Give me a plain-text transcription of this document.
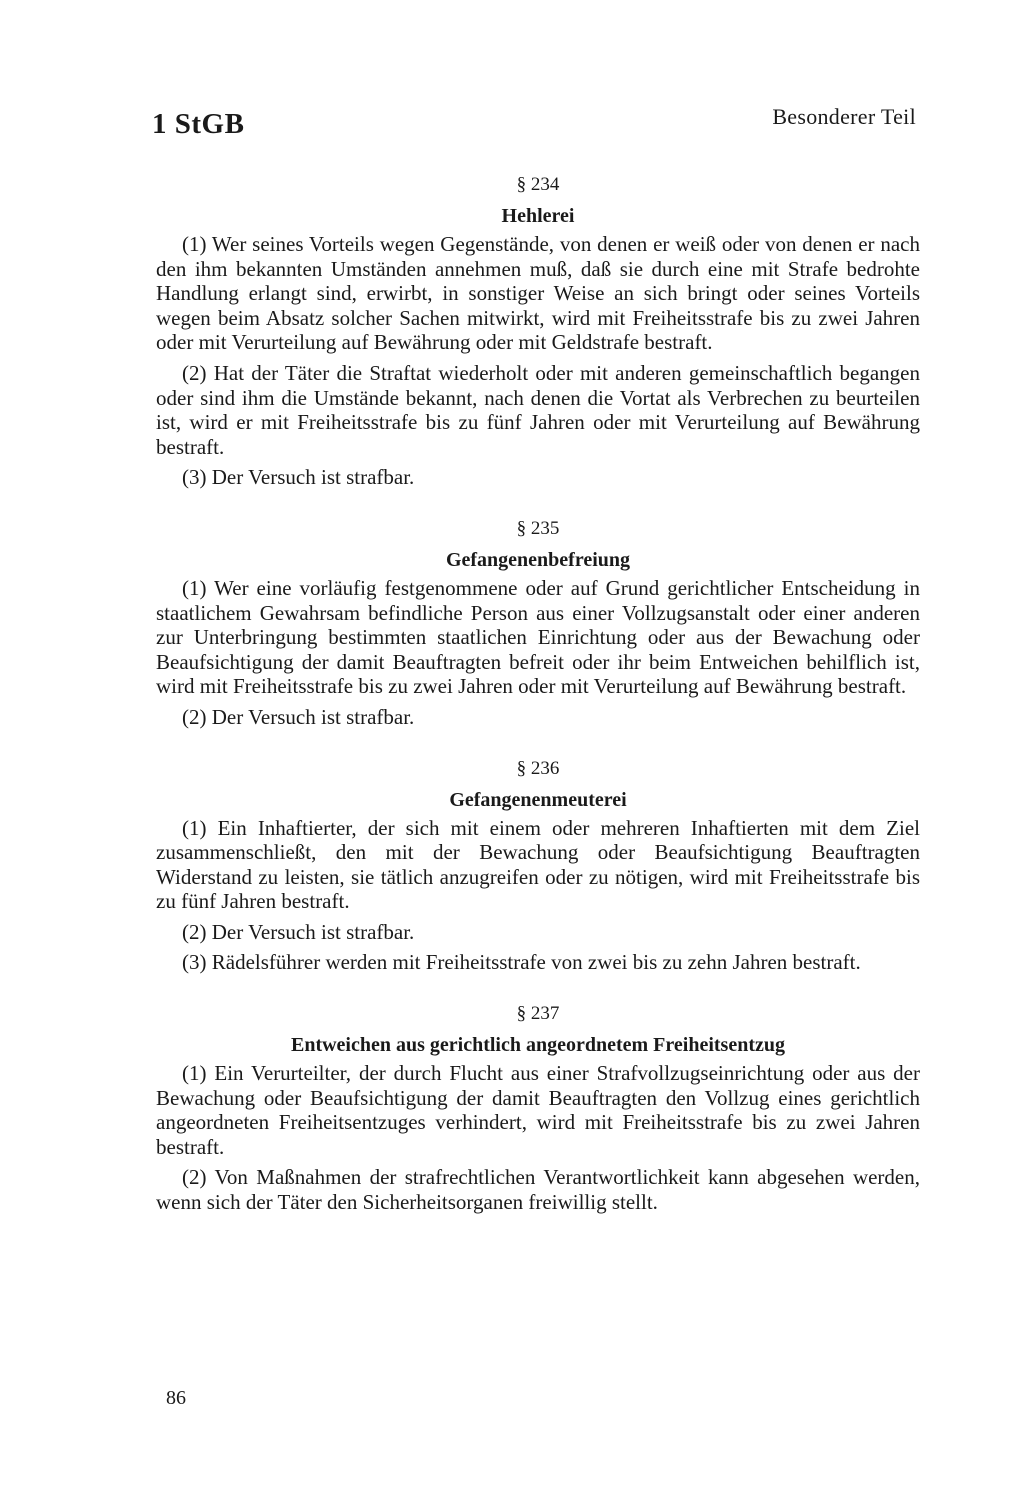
1 StGB	Besonderer Teil

§ 234

Hehlerei

(1) Wer seines Vorteils wegen Gegenstände, von denen er weiß oder von denen er nach den ihm bekannten Umständen annehmen muß, daß sie durch eine mit Strafe bedrohte Handlung erlangt sind, erwirbt, in sonstiger Weise an sich bringt oder seines Vorteils wegen beim Absatz solcher Sachen mitwirkt, wird mit Freiheitsstrafe bis zu zwei Jahren oder mit Verurteilung auf Bewährung oder mit Geldstrafe bestraft.

(2) Hat der Täter die Straftat wiederholt oder mit anderen gemeinschaftlich begangen oder sind ihm die Umstände bekannt, nach denen die Vortat als Verbrechen zu beurteilen ist, wird er mit Freiheitsstrafe bis zu fünf Jahren oder mit Verurteilung auf Bewährung bestraft.

(3) Der Versuch ist strafbar.

§ 235

Gefangenenbefreiung

(1) Wer eine vorläufig festgenommene oder auf Grund gerichtlicher Entscheidung in staatlichem Gewahrsam befindliche Person aus einer Vollzugsanstalt oder einer anderen zur Unterbringung bestimmten staatlichen Einrichtung oder aus der Bewachung oder Beaufsichtigung der damit Beauftragten befreit oder ihr beim Entweichen behilflich ist, wird mit Freiheitsstrafe bis zu zwei Jahren oder mit Verurteilung auf Bewährung bestraft.

(2) Der Versuch ist strafbar.

§ 236

Gefangenenmeuterei

(1) Ein Inhaftierter, der sich mit einem oder mehreren Inhaftierten mit dem Ziel zusammenschließt, den mit der Bewachung oder Beaufsichtigung Beauftragten Widerstand zu leisten, sie tätlich anzugreifen oder zu nötigen, wird mit Freiheitsstrafe bis zu fünf Jahren bestraft.

(2) Der Versuch ist strafbar.

(3) Rädelsführer werden mit Freiheitsstrafe von zwei bis zu zehn Jahren bestraft.

§ 237

Entweichen aus gerichtlich angeordnetem Freiheitsentzug

(1) Ein Verurteilter, der durch Flucht aus einer Strafvollzugseinrichtung oder aus der Bewachung oder Beaufsichtigung der damit Beauftragten den Vollzug eines gerichtlich angeordneten Freiheitsentzuges verhindert, wird mit Freiheitsstrafe bis zu zwei Jahren bestraft.

(2) Von Maßnahmen der strafrechtlichen Verantwortlichkeit kann abgesehen werden, wenn sich der Täter den Sicherheitsorganen freiwillig stellt.

86
